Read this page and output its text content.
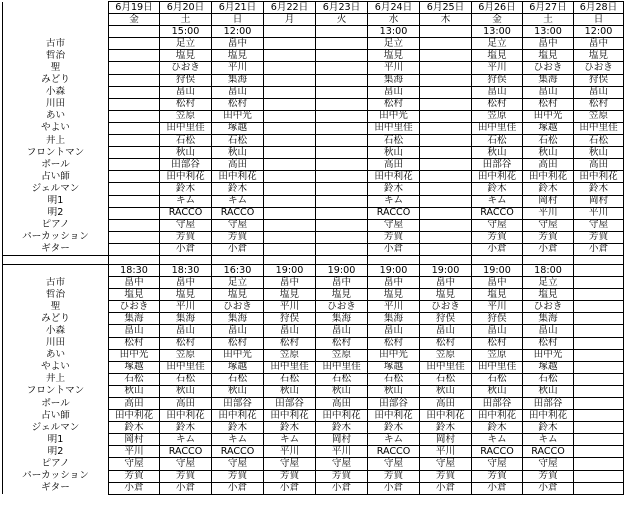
	6月19日	6月20日	6月21日	6月22日	6月23日	6月24日	6月25日	6月26日	6月27日	6月28日
	金	土	日	月	火	水	木	金	土	日
		15:00	12:00			13:00		13:00	13:00	12:00
古市		足立	畠中			足立		足立	畠中	畠中
哲治		塩見	塩見			塩見		塩見	塩見	塩見
聖		ひおき	平川			平川		平川	ひおき	ひおき
みどり		狩俣	集海			集海		狩俣	集海	狩俣
小森		畠山	畠山			畠山		畠山	畠山	畠山
川田		松村	松村			松村		松村	松村	松村
あい		笠原	田中光			田中光		笠原	田中光	笠原
やよい		田中里佳	塚越			田中里佳		田中里佳	塚越	田中里佳
井上		石松	石松			石松		石松	石松	石松
フロントマン		秋山	秋山			秋山		秋山	秋山	秋山
ボール		田部谷	高田			高田		田部谷	高田	高田
占い師		田中利花	田中利花			田中利花		田中利花	田中利花	田中利花
ジェルマン		鈴木	鈴木			鈴木		鈴木	鈴木	鈴木
明1		キム	キム			キム		キム	岡村	岡村
明2		RACCO	RACCO			RACCO		RACCO	平川	平川
ピアノ		守屋	守屋			守屋		守屋	守屋	守屋
パーカッション		芳賀	芳賀			芳賀		芳賀	芳賀	芳賀
ギター		小倉	小倉			小倉		小倉	小倉	小倉

	18:30	18:30	16:30	19:00	19:00	19:00	19:00	19:00	18:00	
古市	畠中	畠中	足立	畠中	畠中	畠中	畠中	畠中	足立	
哲治	塩見	塩見	塩見	塩見	塩見	塩見	塩見	塩見	塩見	
聖	ひおき	平川	ひおき	平川	ひおき	平川	ひおき	平川	ひおき	
みどり	集海	集海	集海	狩俣	集海	集海	狩俣	狩俣	集海	
小森	畠山	畠山	畠山	畠山	畠山	畠山	畠山	畠山	畠山	
川田	松村	松村	松村	松村	松村	松村	松村	松村	松村	
あい	田中光	笠原	田中光	笠原	笠原	田中光	笠原	笠原	田中光	
やよい	塚越	田中里佳	塚越	田中里佳	田中里佳	塚越	田中里佳	田中里佳	塚越	
井上	石松	石松	石松	石松	石松	石松	石松	石松	石松	
フロントマン	秋山	秋山	秋山	秋山	秋山	秋山	秋山	秋山	秋山	
ボール	高田	高田	田部谷	田部谷	高田	田部谷	高田	田部谷	田部谷	
占い師	田中利花	田中利花	田中利花	田中利花	田中利花	田中利花	田中利花	田中利花	田中利花	
ジェルマン	鈴木	鈴木	鈴木	鈴木	鈴木	鈴木	鈴木	鈴木	鈴木	
明1	岡村	キム	キム	キム	岡村	キム	岡村	キム	キム	
明2	平川	RACCO	RACCO	平川	平川	RACCO	平川	RACCO	RACCO	
ピアノ	守屋	守屋	守屋	守屋	守屋	守屋	守屋	守屋	守屋	
パーカッション	芳賀	芳賀	芳賀	芳賀	芳賀	芳賀	芳賀	芳賀	芳賀	
ギター	小倉	小倉	小倉	小倉	小倉	小倉	小倉	小倉	小倉	
